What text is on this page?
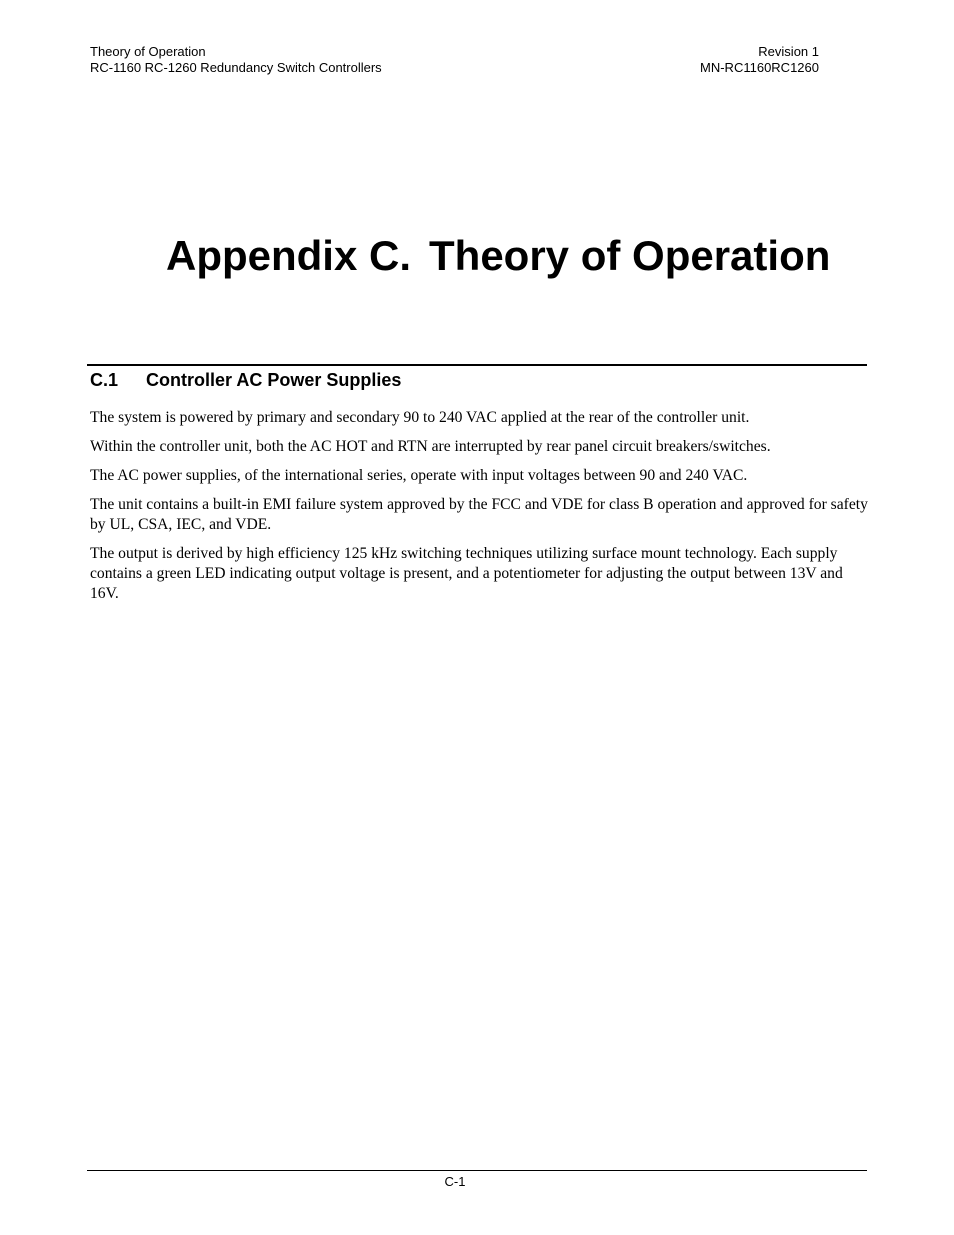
Theory of Operation
RC-1160 RC-1260 Redundancy Switch Controllers
Revision 1
MN-RC1160RC1260
Appendix C. Theory of Operation
C.1 Controller AC Power Supplies

The system is powered by primary and secondary 90 to 240 VAC applied at the rear of the controller unit.

Within the controller unit, both the AC HOT and RTN are interrupted by rear panel circuit breakers/switches.

The AC power supplies, of the international series, operate with input voltages between 90 and 240 VAC.

The unit contains a built-in EMI failure system approved by the FCC and VDE for class B operation and approved for safety by UL, CSA, IEC, and VDE.

The output is derived by high efficiency 125 kHz switching techniques utilizing surface mount technology. Each supply contains a green LED indicating output voltage is present, and a potentiometer for adjusting the output between 13V and 16V.

C-1
